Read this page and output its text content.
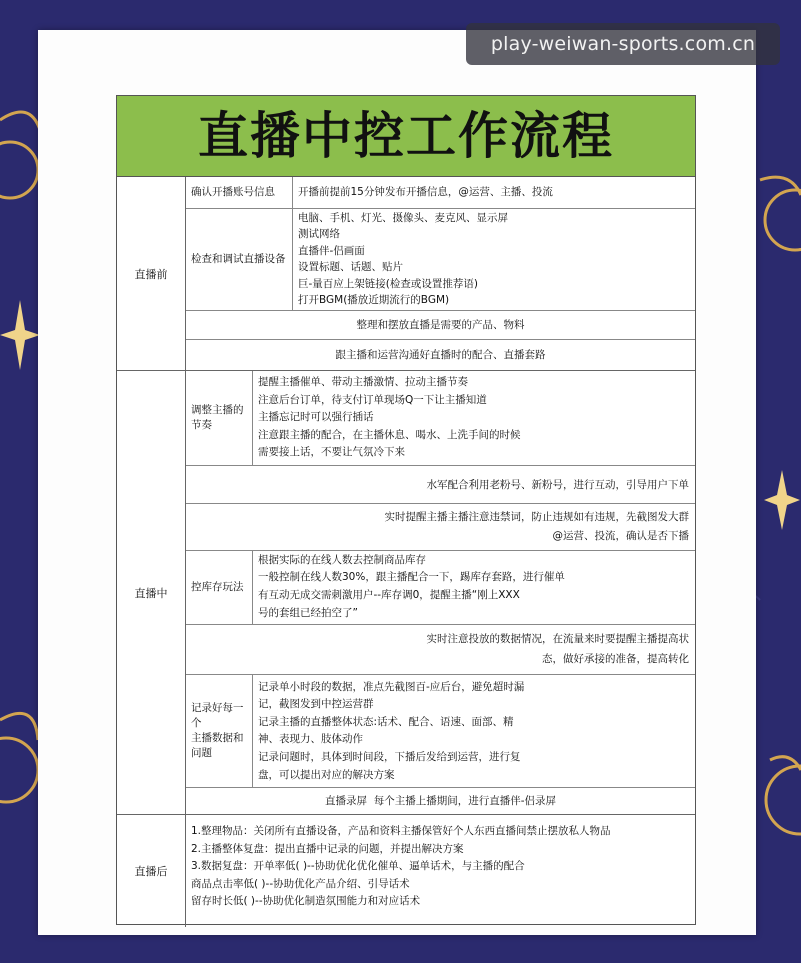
play-weiwan-sports.com.cn
直播中控工作流程
直播前
确认开播账号信息	开播前提前15分钟发布开播信息，@运营、主播、投流
检查和调试直播设备
电脑、手机、灯光、摄像头、麦克风、显示屏
测试网络
直播伴-侣画面
设置标题、话题、贴片
巨-量百应上架链接(检查或设置推荐语)
打开BGM(播放近期流行的BGM)
整理和摆放直播是需要的产品、物料
跟主播和运营沟通好直播时的配合、直播套路
直播中
调整主播的节奏
提醒主播催单、带动主播激情、拉动主播节奏
注意后台订单，待支付订单现场Q一下让主播知道
主播忘记时可以强行插话
注意跟主播的配合，在主播休息、喝水、上洗手间的时候
需要接上话，不要让气氛冷下来
水军配合利用老粉号、新粉号，进行互动，引导用户下单
实时提醒主播主播注意违禁词，防止违规如有违规，先截图发大群
@运营、投流，确认是否下播
控库存玩法
根据实际的在线人数去控制商品库存
一般控制在线人数30%，跟主播配合一下，踢库存套路，进行催单
有互动无成交需刺激用户--库存调0，提醒主播“刚上XXX
号的套组已经拍空了”
实时注意投放的数据情况，在流量来时要提醒主播提高状
态，做好承接的准备，提高转化
记录好每一
个
主播数据和
问题
记录单小时段的数据，准点先截图百-应后台，避免超时漏
记，截图发到中控运营群
记录主播的直播整体状态:话术、配合、语速、面部、精
神、表现力、肢体动作
记录问题时，具体到时间段，下播后发给到运营，进行复
盘，可以提出对应的解决方案
直播录屏  每个主播上播期间，进行直播伴-侣录屏
直播后
1.整理物品：关闭所有直播设备，产品和资料主播保管好个人东西直播间禁止摆放私人物品
2.主播整体复盘：提出直播中记录的问题，并提出解决方案
3.数据复盘：开单率低( )--协助优化优化催单、逼单话术，与主播的配合
商品点击率低( )--协助优化产品介绍、引导话术
留存时长低( )--协助优化制造氛围能力和对应话术
